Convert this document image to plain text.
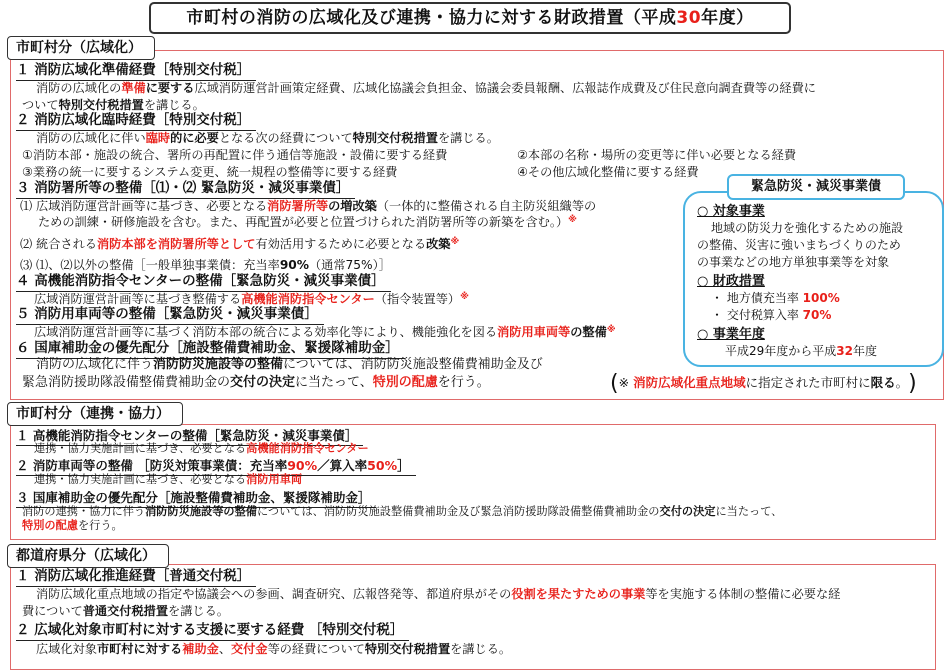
市町村の消防の広域化及び連携・協力に対する財政措置（平成30年度）
市町村分（広域化）
１ 消防広域化準備経費［特別交付税］
消防の広域化の準備に要する広域消防運営計画策定経費、広域化協議会負担金、協議会委員報酬、広報誌作成費及び住民意向調査費等の経費に
ついて特別交付税措置を講じる。
２ 消防広域化臨時経費［特別交付税］
消防の広域化に伴い臨時的に必要となる次の経費について特別交付税措置を講じる。
①消防本部・施設の統合、署所の再配置に伴う通信等施設・設備に要する経費	②本部の名称・場所の変更等に伴い必要となる経費
③業務の統一に要するシステム変更、統一規程の整備等に要する経費	④その他広域化整備に要する経費
３ 消防署所等の整備［⑴・⑵ 緊急防災・減災事業債］
⑴ 広域消防運営計画等に基づき、必要となる消防署所等の増改築（一体的に整備される自主防災組織等の
ための訓練・研修施設を含む。また、再配置が必要と位置づけられた消防署所等の新築を含む。）※
⑵ 統合される消防本部を消防署所等として有効活用するために必要となる改築※
⑶ ⑴、⑵以外の整備［一般単独事業債：充当率90%（通常75%）］
４ 高機能消防指令センターの整備［緊急防災・減災事業債］
広域消防運営計画等に基づき整備する高機能消防指令センター（指令装置等）※
５ 消防用車両等の整備［緊急防災・減災事業債］
広域消防運営計画等に基づく消防本部の統合による効率化等により、機能強化を図る消防用車両等の整備※
６ 国庫補助金の優先配分［施設整備費補助金、緊援隊補助金］
消防の広域化に伴う消防防災施設等の整備については、消防防災施設整備費補助金及び
緊急消防援助隊設備整備費補助金の交付の決定に当たって、特別の配慮を行う。	(※ 消防広域化重点地域に指定された市町村に限る。)
○ 対象事業
地域の防災力を強化するための施設
の整備、災害に強いまちづくりのため
の事業などの地方単独事業等を対象
○ 財政措置
・ 地方債充当率 100%
・ 交付税算入率 70%
○ 事業年度
平成29年度から平成32年度
緊急防災・減災事業債
市町村分（連携・協力）
１ 高機能消防指令センターの整備［緊急防災・減災事業債］
連携・協力実施計画に基づき、必要となる高機能消防指令センター
２ 消防車両等の整備 ［防災対策事業債：充当率90%／算入率50%］
連携・協力実施計画に基づき、必要となる消防用車両
３ 国庫補助金の優先配分［施設整備費補助金、緊援隊補助金］
消防の連携・協力に伴う消防防災施設等の整備については、消防防災施設整備費補助金及び緊急消防援助隊設備整備費補助金の交付の決定に当たって、
特別の配慮を行う。
都道府県分（広域化）
１ 消防広域化推進経費［普通交付税］
消防広域化重点地域の指定や協議会への参画、調査研究、広報啓発等、都道府県がその役割を果たすための事業等を実施する体制の整備に必要な経
費について普通交付税措置を講じる。
２ 広域化対象市町村に対する支援に要する経費 ［特別交付税］
広域化対象市町村に対する補助金、交付金等の経費について特別交付税措置を講じる。
